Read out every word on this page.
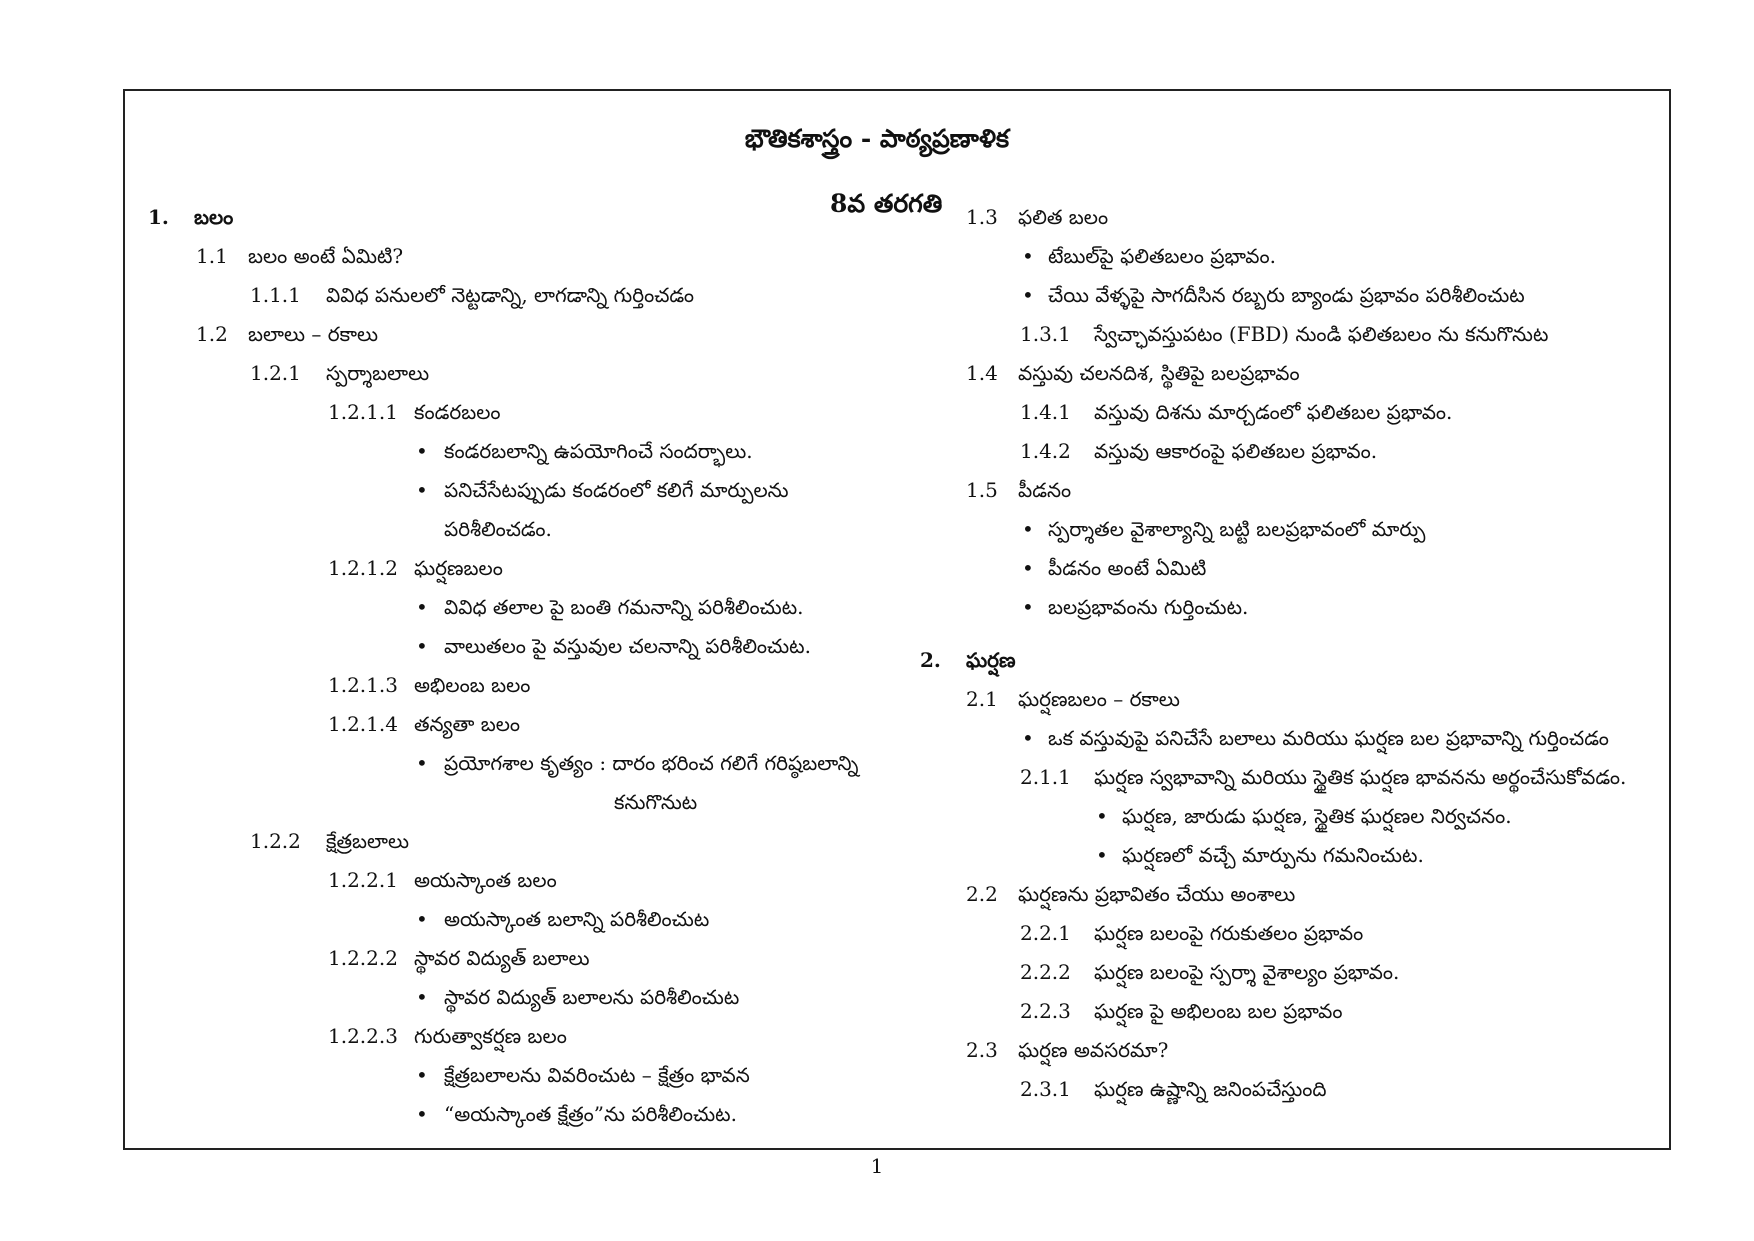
భౌతికశాస్త్రం - పాఠ్యప్రణాళిక
8వ తరగతి
1. బలం
1.1 బలం అంటే ఏమిటి?
1.1.1 వివిధ పనులలో నెట్టడాన్ని, లాగడాన్ని గుర్తించడం
1.2 బలాలు – రకాలు
1.2.1 స్పర్శాబలాలు
1.2.1.1 కండరబలం
• కండరబలాన్ని ఉపయోగించే సందర్భాలు.
• పనిచేసేటప్పుడు కండరంలో కలిగే మార్పులను
పరిశీలించడం.
1.2.1.2 ఘర్షణబలం
• వివిధ తలాల పై బంతి గమనాన్ని పరిశీలించుట.
• వాలుతలం పై వస్తువుల చలనాన్ని పరిశీలించుట.
1.2.1.3 అభిలంబ బలం
1.2.1.4 తన్యతా బలం
• ప్రయోగశాల కృత్యం : దారం భరించ గలిగే గరిష్ఠబలాన్ని
కనుగొనుట
1.2.2 క్షేత్రబలాలు
1.2.2.1 అయస్కాంత బలం
• అయస్కాంత బలాన్ని పరిశీలించుట
1.2.2.2 స్థావర విద్యుత్ బలాలు
• స్థావర విద్యుత్ బలాలను పరిశీలించుట
1.2.2.3 గురుత్వాకర్షణ బలం
• క్షేత్రబలాలను వివరించుట – క్షేత్రం భావన
• “అయస్కాంత క్షేత్రం”ను పరిశీలించుట.
1.3 ఫలిత బలం
• టేబుల్‌పై ఫలితబలం ప్రభావం.
• చేయి వేళ్ళపై సాగదీసిన రబ్బరు బ్యాండు ప్రభావం పరిశీలించుట
1.3.1 స్వేచ్ఛావస్తుపటం (FBD) నుండి ఫలితబలం ను కనుగొనుట
1.4 వస్తువు చలనదిశ, స్థితిపై బలప్రభావం
1.4.1 వస్తువు దిశను మార్చడంలో ఫలితబల ప్రభావం.
1.4.2 వస్తువు ఆకారంపై ఫలితబల ప్రభావం.
1.5 పీడనం
• స్పర్శాతల వైశాల్యాన్ని బట్టి బలప్రభావంలో మార్పు
• పీడనం అంటే ఏమిటి
• బలప్రభావంను గుర్తించుట.
2. ఘర్షణ
2.1 ఘర్షణబలం – రకాలు
• ఒక వస్తువుపై పనిచేసే బలాలు మరియు ఘర్షణ బల ప్రభావాన్ని గుర్తించడం
2.1.1 ఘర్షణ స్వభావాన్ని మరియు స్థైతిక ఘర్షణ భావనను అర్థంచేసుకోవడం.
• ఘర్షణ, జారుడు ఘర్షణ, స్థైతిక ఘర్షణల నిర్వచనం.
• ఘర్షణలో వచ్చే మార్పును గమనించుట.
2.2 ఘర్షణను ప్రభావితం చేయు అంశాలు
2.2.1 ఘర్షణ బలంపై గరుకుతలం ప్రభావం
2.2.2 ఘర్షణ బలంపై స్పర్శా వైశాల్యం ప్రభావం.
2.2.3 ఘర్షణ పై అభిలంబ బల ప్రభావం
2.3 ఘర్షణ అవసరమా?
2.3.1 ఘర్షణ ఉష్ణాన్ని జనింపచేస్తుంది
1
